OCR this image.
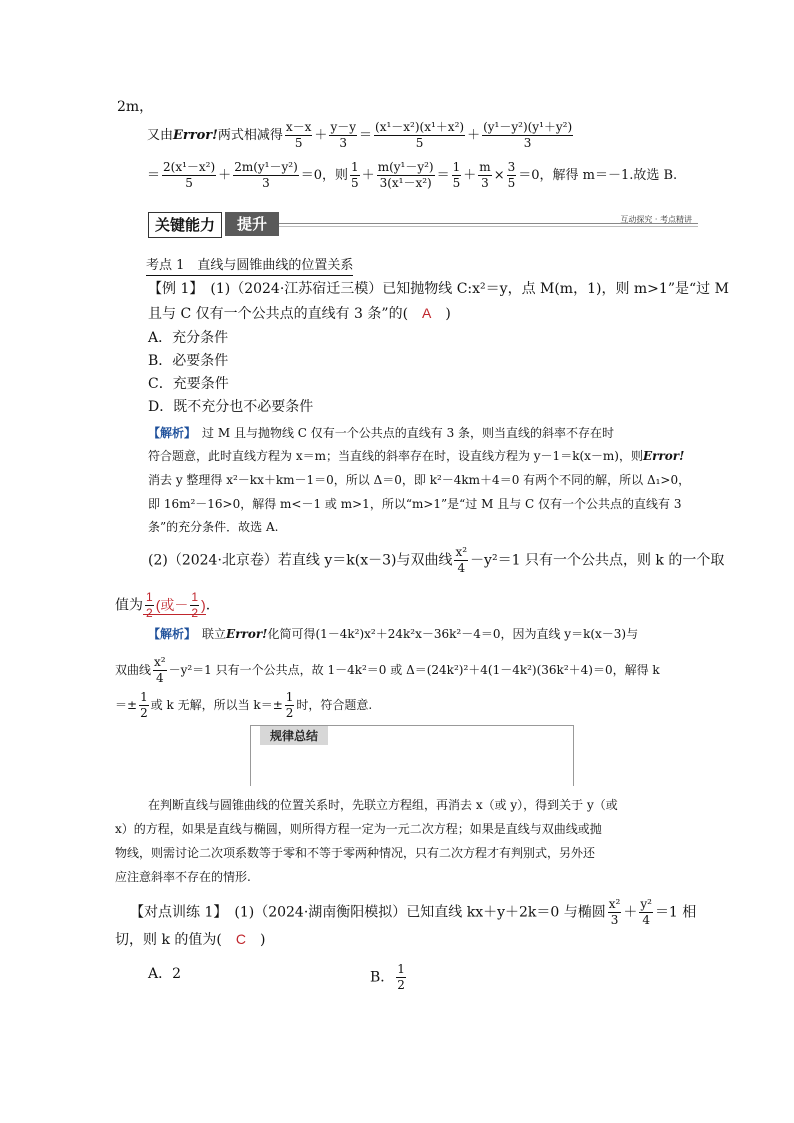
2m，
又由Error!两式相减得 $\frac{x-x}{5} + \frac{y-y}{3} = \frac{\text{(x¹－x²)(x¹＋x²)}}{5} + \frac{\text{(y¹－y²)(y¹＋y²)}}{3}$
＝ $\frac{\text{2(x¹－x²)}}{5} + \frac{\text{2m(y¹－y²)}}{3} =0$，则 $\frac{1}{5} + \frac{\text{m(y¹－y²)}}{\text{3(x¹－x²)}} = \frac{1}{5} + \frac{m}{3} \times \frac{3}{5} =0$，解得 m＝－1.故选 B.
关键能力	提升	互动探究 · 考点精讲
考点 1　直线与圆锥曲线的位置关系
【例 1】　 (1)（2024·江苏宿迁三模）已知抛物线 C:x²＝y，点 M(m，1)，则 m>1”是“过 M
且与 C 仅有一个公共点的直线有 3 条”的(　 A　 )
A．充分条件
B．必要条件
C．充要条件
D．既不充分也不必要条件
【解析】　 过 M 且与抛物线 C 仅有一个公共点的直线有 3 条，则当直线的斜率不存在时
符合题意，此时直线方程为 x＝m；当直线的斜率存在时，设直线方程为 y－1＝k(x－m)，则Error!
消去 y 整理得 x²－kx＋km－1＝0，所以 Δ＝0，即 k²－4km＋4＝0 有两个不同的解，所以 Δ₁>0，
即 16m²－16>0，解得 m<－1 或 m>1，所以“m>1”是“过 M 且与 C 仅有一个公共点的直线有 3
条”的充分条件．故选 A.
(2)（2024·北京卷）若直线 y＝k(x－3)与双曲线 $\frac{\text{x²}}{4} -y^2=1$ 只有一个公共点，则 k 的一个取
值为 $\frac{1}{2}$ (或－ $\frac{1}{2}$ ).
【解析】　 联立Error!化简可得(1－4k²)x²＋24k²x－36k²－4＝0，因为直线 y＝k(x－3)与
双曲线 $\frac{\text{x²}}{4} -y^2=1$ 只有一个公共点，故 1－4k²＝0 或 Δ＝(24k²)²＋4(1－4k²)(36k²＋4)＝0，解得 k
＝± $\frac{1}{2}$ 或 k 无解，所以当 $k=\pm \frac{1}{2}$ 时，符合题意.
规律总结
在判断直线与圆锥曲线的位置关系时，先联立方程组，再消去 x（或 y），得到关于 y（或
x）的方程，如果是直线与椭圆，则所得方程一定为一元二次方程；如果是直线与双曲线或抛
物线，则需讨论二次项系数等于零和不等于零两种情况，只有二次方程才有判别式，另外还
应注意斜率不存在的情形.
【对点训练 1】　 (1)（2024·湖南衡阳模拟）已知直线 kx＋y＋2k＝0 与椭圆 $\frac{\text{x²}}{3} + \frac{\text{y²}}{4} =1$ 相
切，则 k 的值为(　 C　 )
A．2	B． $\frac{1}{2}$
